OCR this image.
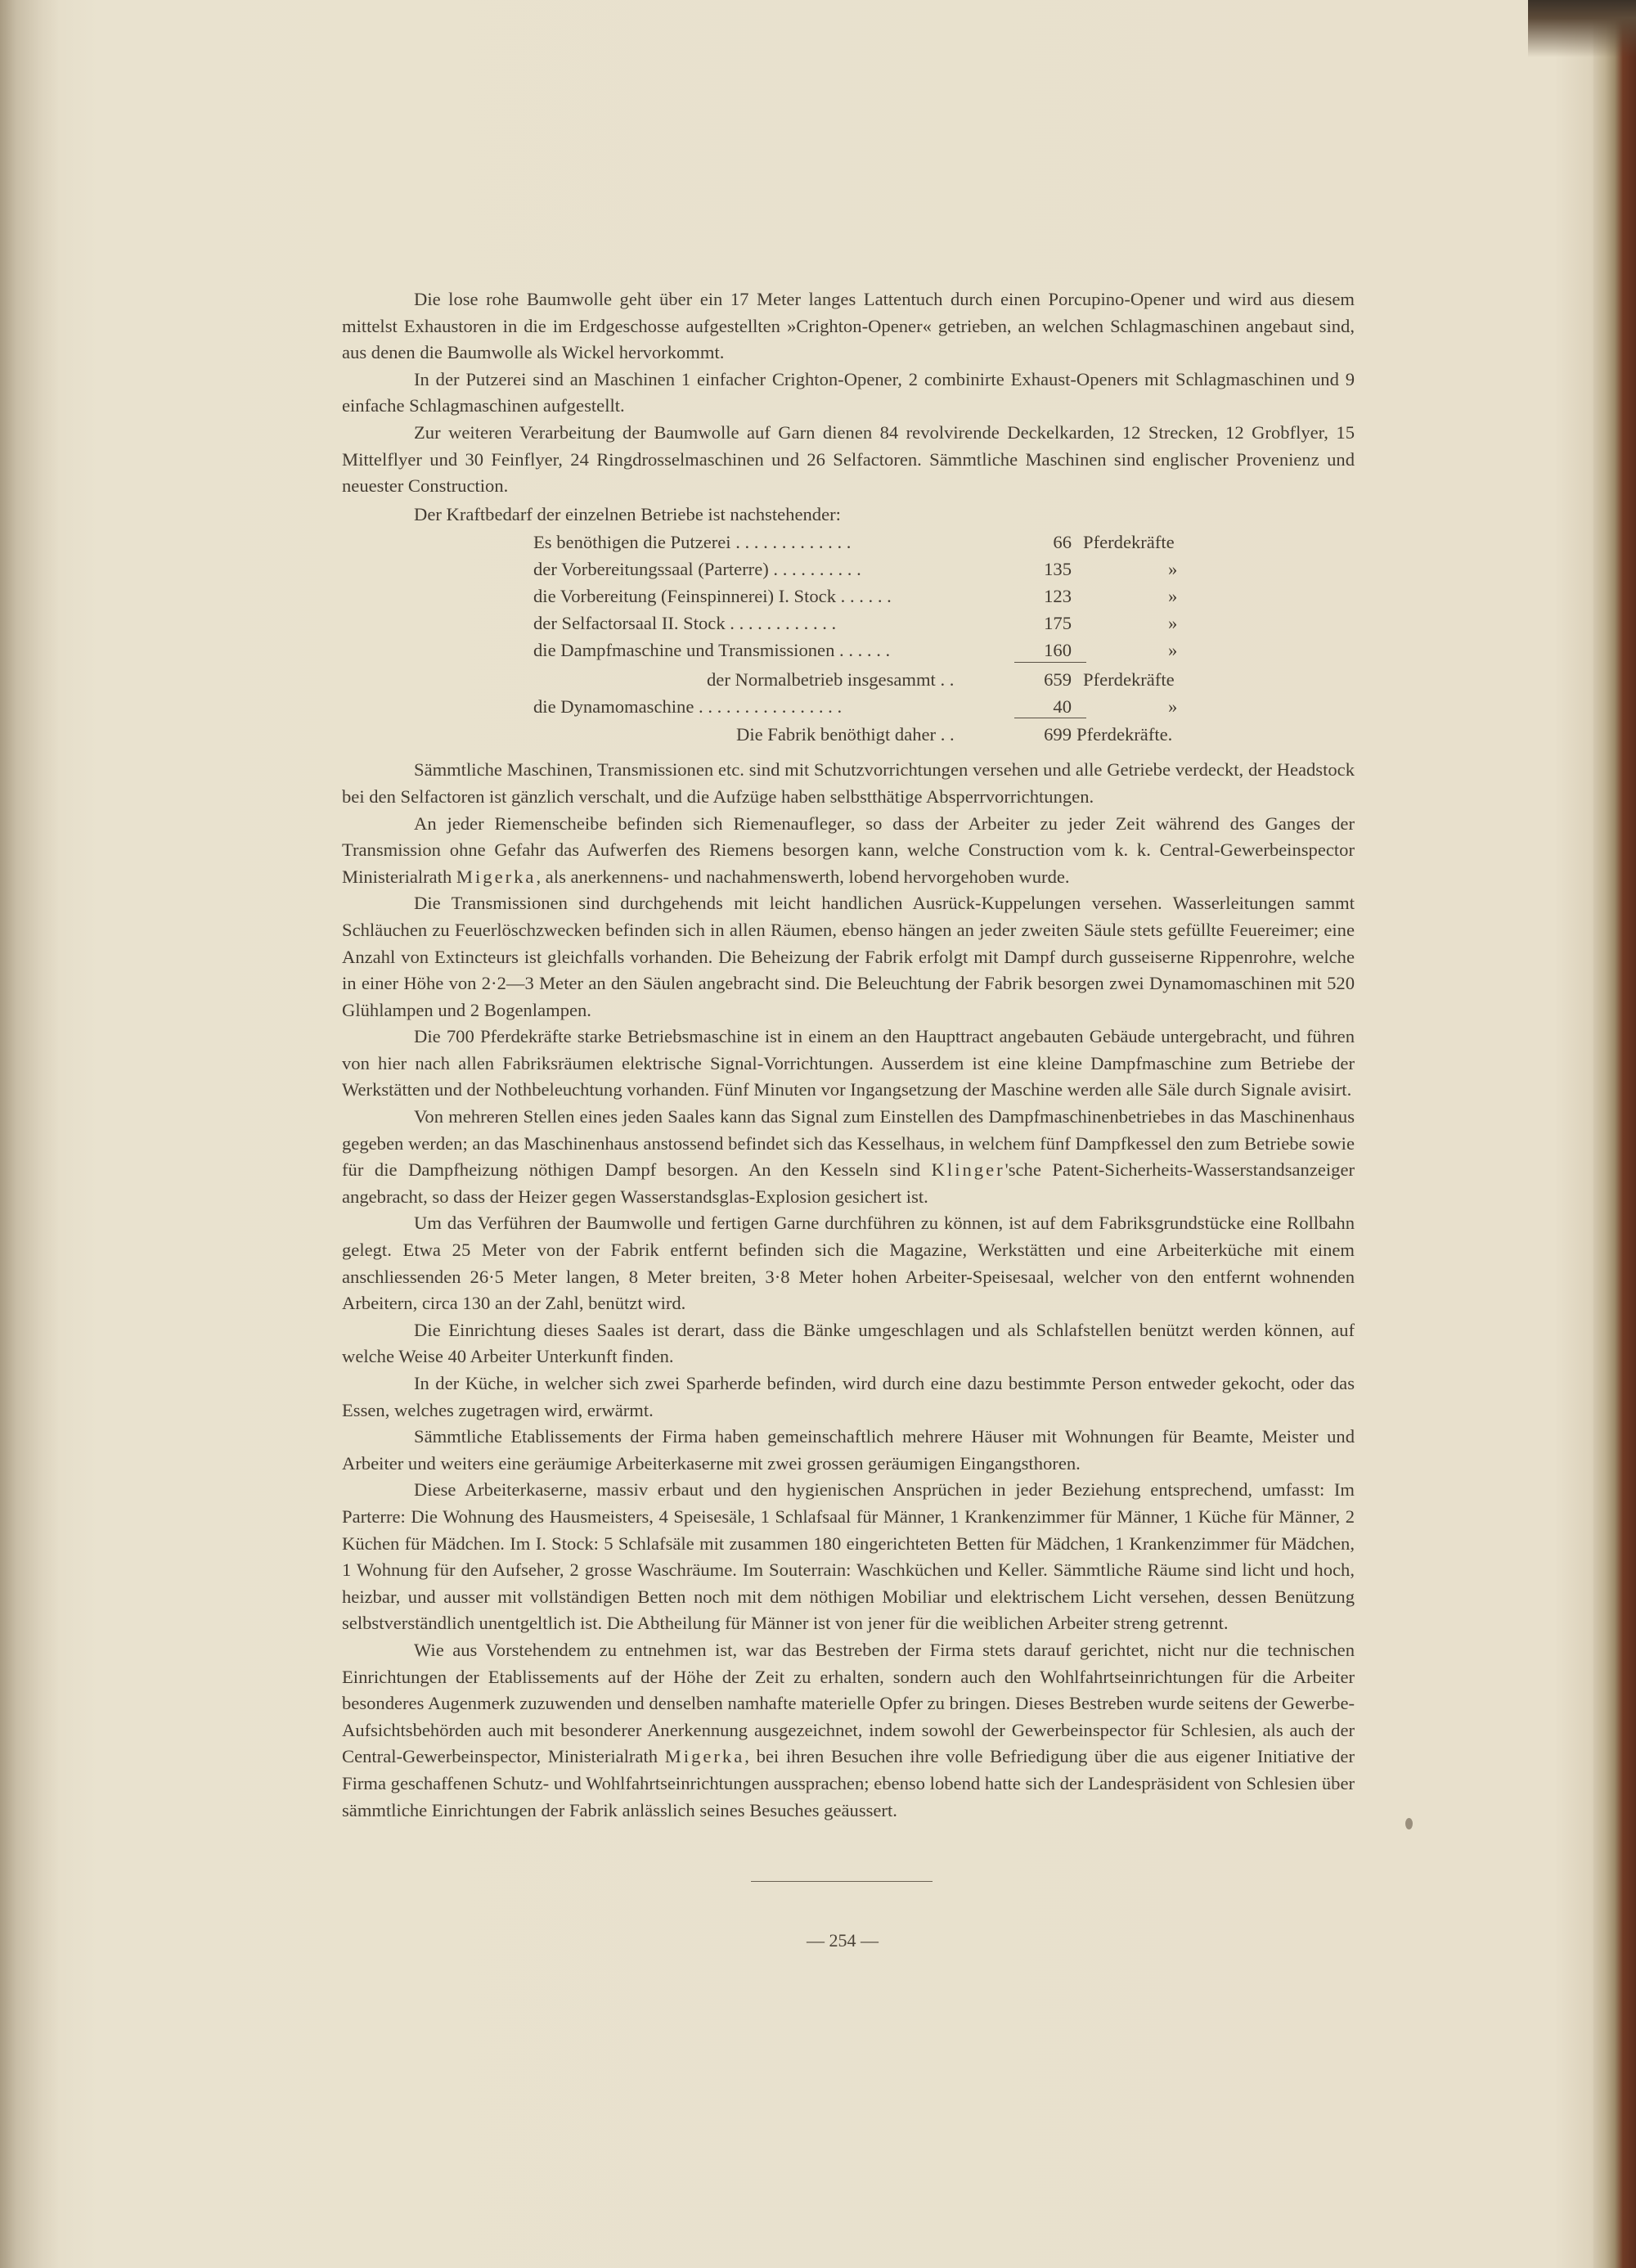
Die lose rohe Baumwolle geht über ein 17 Meter langes Lattentuch durch einen Porcupino-Opener und wird aus diesem mittelst Exhaustoren in die im Erdgeschosse aufgestellten »Crighton-Opener« getrieben, an welchen Schlagmaschinen angebaut sind, aus denen die Baumwolle als Wickel hervorkommt.

In der Putzerei sind an Maschinen 1 einfacher Crighton-Opener, 2 combinirte Exhaust-Openers mit Schlagmaschinen und 9 einfache Schlagmaschinen aufgestellt.

Zur weiteren Verarbeitung der Baumwolle auf Garn dienen 84 revolvirende Deckelkarden, 12 Strecken, 12 Grobflyer, 15 Mittelflyer und 30 Feinflyer, 24 Ringdrosselmaschinen und 26 Selfactoren. Sämmtliche Maschinen sind englischer Provenienz und neuester Construction.

Der Kraftbedarf der einzelnen Betriebe ist nachstehender:

Es benöthigen die Putzerei . . . . . . . . . . . . .	66 Pferdekräfte
der Vorbereitungssaal (Parterre) . . . . . . . . . .	135	»
die Vorbereitung (Feinspinnerei) I. Stock . . . . . .	123	»
der Selfactorsaal II. Stock . . . . . . . . . . . .	175	»
die Dampfmaschine und Transmissionen . . . . . .	160	»
der Normalbetrieb insgesammt . .	659 Pferdekräfte
die Dynamomaschine . . . . . . . . . . . . . . . .	40	»
Die Fabrik benöthigt daher . .	699 Pferdekräfte.

Sämmtliche Maschinen, Transmissionen etc. sind mit Schutzvorrichtungen versehen und alle Getriebe verdeckt, der Headstock bei den Selfactoren ist gänzlich verschalt, und die Aufzüge haben selbstthätige Absperrvorrichtungen.

An jeder Riemenscheibe befinden sich Riemenaufleger, so dass der Arbeiter zu jeder Zeit während des Ganges der Transmission ohne Gefahr das Aufwerfen des Riemens besorgen kann, welche Construction vom k. k. Central-Gewerbeinspector Ministerialrath Migerka, als anerkennens- und nachahmenswerth, lobend hervorgehoben wurde.

Die Transmissionen sind durchgehends mit leicht handlichen Ausrück-Kuppelungen versehen. Wasserleitungen sammt Schläuchen zu Feuerlöschzwecken befinden sich in allen Räumen, ebenso hängen an jeder zweiten Säule stets gefüllte Feuereimer; eine Anzahl von Extincteurs ist gleichfalls vorhanden. Die Beheizung der Fabrik erfolgt mit Dampf durch gusseiserne Rippenrohre, welche in einer Höhe von 2·2—3 Meter an den Säulen angebracht sind. Die Beleuchtung der Fabrik besorgen zwei Dynamomaschinen mit 520 Glühlampen und 2 Bogenlampen.

Die 700 Pferdekräfte starke Betriebsmaschine ist in einem an den Haupttract angebauten Gebäude untergebracht, und führen von hier nach allen Fabriksräumen elektrische Signal-Vorrichtungen. Ausserdem ist eine kleine Dampfmaschine zum Betriebe der Werkstätten und der Nothbeleuchtung vorhanden. Fünf Minuten vor Ingangsetzung der Maschine werden alle Säle durch Signale avisirt.

Von mehreren Stellen eines jeden Saales kann das Signal zum Einstellen des Dampfmaschinenbetriebes in das Maschinenhaus gegeben werden; an das Maschinenhaus anstossend befindet sich das Kesselhaus, in welchem fünf Dampfkessel den zum Betriebe sowie für die Dampfheizung nöthigen Dampf besorgen. An den Kesseln sind Klinger'sche Patent-Sicherheits-Wasserstandsanzeiger angebracht, so dass der Heizer gegen Wasserstandsglas-Explosion gesichert ist.

Um das Verführen der Baumwolle und fertigen Garne durchführen zu können, ist auf dem Fabriksgrundstücke eine Rollbahn gelegt. Etwa 25 Meter von der Fabrik entfernt befinden sich die Magazine, Werkstätten und eine Arbeiterküche mit einem anschliessenden 26·5 Meter langen, 8 Meter breiten, 3·8 Meter hohen Arbeiter-Speisesaal, welcher von den entfernt wohnenden Arbeitern, circa 130 an der Zahl, benützt wird.

Die Einrichtung dieses Saales ist derart, dass die Bänke umgeschlagen und als Schlafstellen benützt werden können, auf welche Weise 40 Arbeiter Unterkunft finden.

In der Küche, in welcher sich zwei Sparherde befinden, wird durch eine dazu bestimmte Person entweder gekocht, oder das Essen, welches zugetragen wird, erwärmt.

Sämmtliche Etablissements der Firma haben gemeinschaftlich mehrere Häuser mit Wohnungen für Beamte, Meister und Arbeiter und weiters eine geräumige Arbeiterkaserne mit zwei grossen geräumigen Eingangsthoren.

Diese Arbeiterkaserne, massiv erbaut und den hygienischen Ansprüchen in jeder Beziehung entsprechend, umfasst: Im Parterre: Die Wohnung des Hausmeisters, 4 Speisesäle, 1 Schlafsaal für Männer, 1 Krankenzimmer für Männer, 1 Küche für Männer, 2 Küchen für Mädchen. Im I. Stock: 5 Schlafsäle mit zusammen 180 eingerichteten Betten für Mädchen, 1 Krankenzimmer für Mädchen, 1 Wohnung für den Aufseher, 2 grosse Waschräume. Im Souterrain: Waschküchen und Keller. Sämmtliche Räume sind licht und hoch, heizbar, und ausser mit vollständigen Betten noch mit dem nöthigen Mobiliar und elektrischem Licht versehen, dessen Benützung selbstverständlich unentgeltlich ist. Die Abtheilung für Männer ist von jener für die weiblichen Arbeiter streng getrennt.

Wie aus Vorstehendem zu entnehmen ist, war das Bestreben der Firma stets darauf gerichtet, nicht nur die technischen Einrichtungen der Etablissements auf der Höhe der Zeit zu erhalten, sondern auch den Wohlfahrtseinrichtungen für die Arbeiter besonderes Augenmerk zuzuwenden und denselben namhafte materielle Opfer zu bringen. Dieses Bestreben wurde seitens der Gewerbe-Aufsichtsbehörden auch mit besonderer Anerkennung ausgezeichnet, indem sowohl der Gewerbeinspector für Schlesien, als auch der Central-Gewerbeinspector, Ministerialrath Migerka, bei ihren Besuchen ihre volle Befriedigung über die aus eigener Initiative der Firma geschaffenen Schutz- und Wohlfahrtseinrichtungen aussprachen; ebenso lobend hatte sich der Landespräsident von Schlesien über sämmtliche Einrichtungen der Fabrik anlässlich seines Besuches geäussert.

— 254 —
